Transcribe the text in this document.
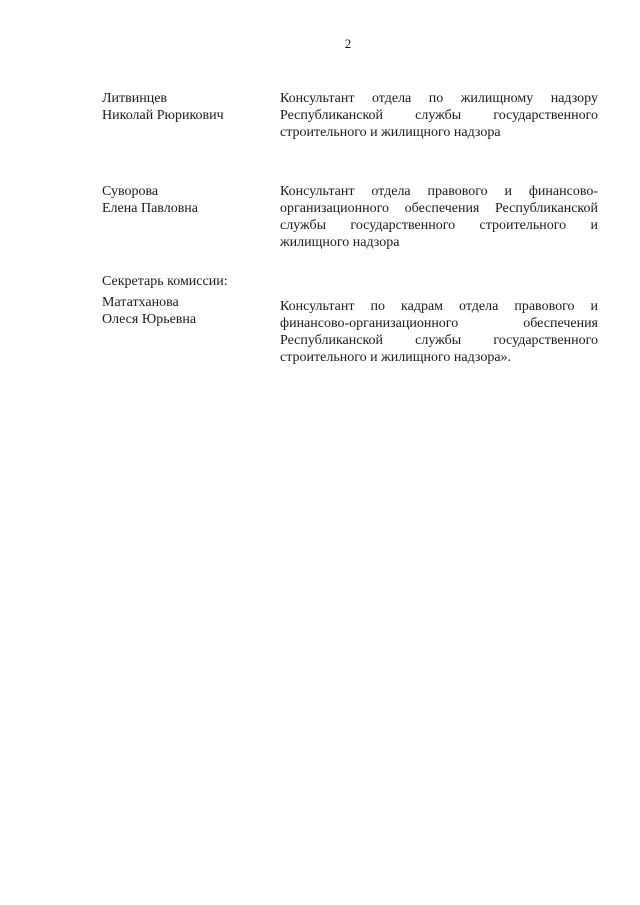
2
Литвинцев
Николай Рюрикович
Консультант отдела по жилищному надзору
Республиканской службы государственного
строительного и жилищного надзора
Суворова
Елена Павловна
Консультант отдела правового и финансово-
организационного обеспечения Республиканской
службы государственного строительного и
жилищного надзора
Секретарь комиссии:
Мататханова
Олеся Юрьевна
Консультант по кадрам отдела правового и
финансово-организационного обеспечения
Республиканской службы государственного
строительного и жилищного надзора».
